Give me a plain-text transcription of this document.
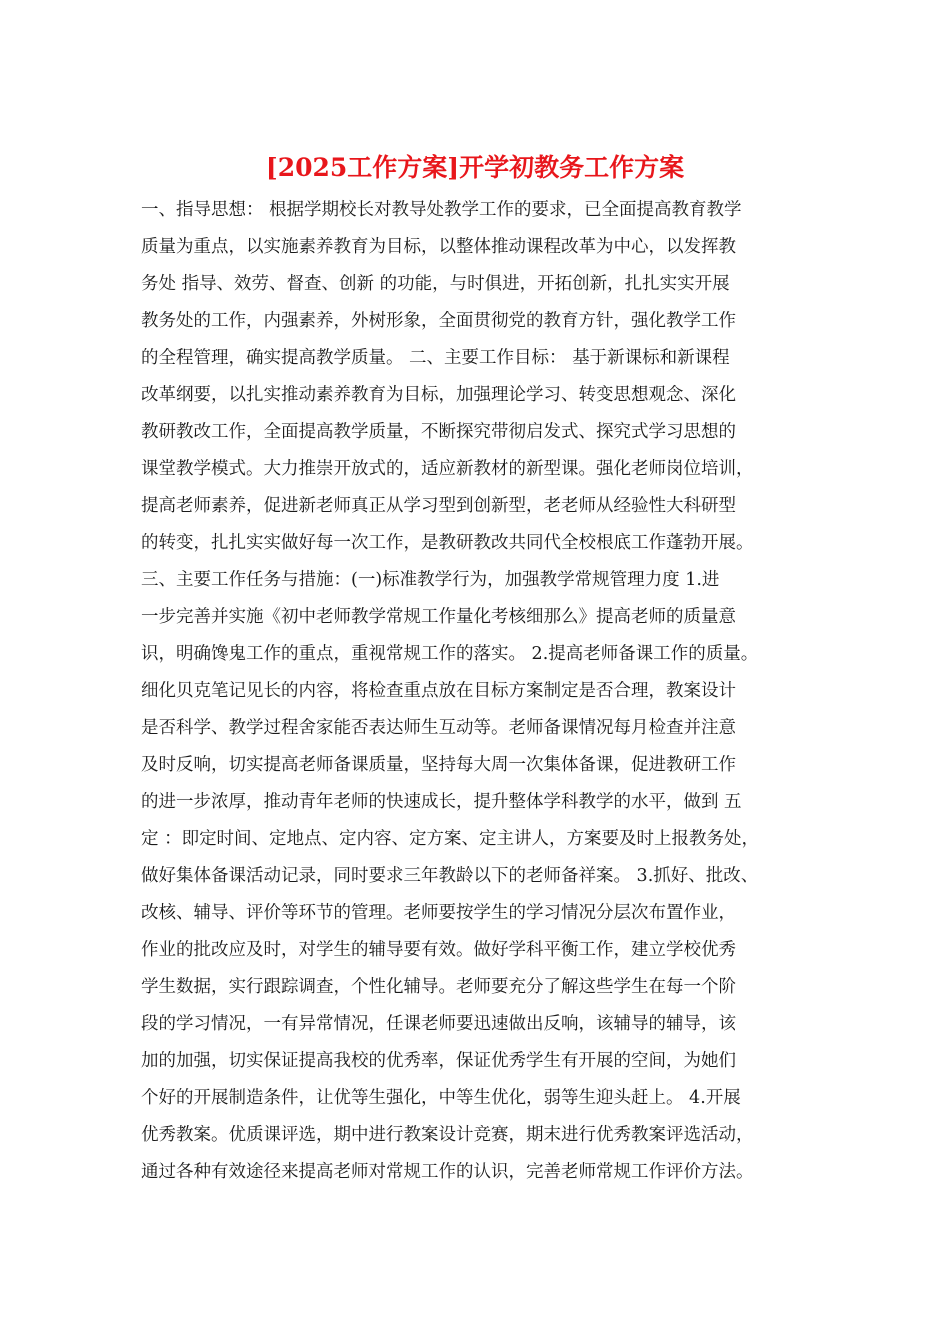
[2025工作方案]开学初教务工作方案
一、指导思想： 根据学期校长对教导处教学工作的要求，已全面提高教育教学
质量为重点，以实施素养教育为目标，以整体推动课程改革为中心，以发挥教
务处 指导、效劳、督查、创新 的功能，与时俱进，开拓创新，扎扎实实开展
教务处的工作，内强素养，外树形象，全面贯彻党的教育方针，强化教学工作
的全程管理，确实提高教学质量。 二、主要工作目标： 基于新课标和新课程
改革纲要，以扎实推动素养教育为目标，加强理论学习、转变思想观念、深化
教研教改工作，全面提高教学质量，不断探究带彻启发式、探究式学习思想的
课堂教学模式。大力推崇开放式的，适应新教材的新型课。强化老师岗位培训，
提高老师素养，促进新老师真正从学习型到创新型，老老师从经验性大科研型
的转变，扎扎实实做好每一次工作，是教研教改共同代全校根底工作蓬勃开展。
三、主要工作任务与措施：(一)标准教学行为，加强教学常规管理力度 1.进
一步完善并实施《初中老师教学常规工作量化考核细那么》提高老师的质量意
识，明确馋鬼工作的重点，重视常规工作的落实。 2.提高老师备课工作的质量。
细化贝克笔记见长的内容，将检查重点放在目标方案制定是否合理，教案设计
是否科学、教学过程舍家能否表达师生互动等。老师备课情况每月检查并注意
及时反响，切实提高老师备课质量，坚持每大周一次集体备课，促进教研工作
的进一步浓厚，推动青年老师的快速成长，提升整体学科教学的水平，做到 五
定 ：即定时间、定地点、定内容、定方案、定主讲人，方案要及时上报教务处，
做好集体备课活动记录，同时要求三年教龄以下的老师备祥案。 3.抓好、批改、
改核、辅导、评价等环节的管理。老师要按学生的学习情况分层次布置作业，
作业的批改应及时，对学生的辅导要有效。做好学科平衡工作，建立学校优秀
学生数据，实行跟踪调查，个性化辅导。老师要充分了解这些学生在每一个阶
段的学习情况，一有异常情况，任课老师要迅速做出反响，该辅导的辅导，该
加的加强，切实保证提高我校的优秀率，保证优秀学生有开展的空间，为她们
个好的开展制造条件，让优等生强化，中等生优化，弱等生迎头赶上。 4.开展
优秀教案。优质课评选，期中进行教案设计竞赛，期末进行优秀教案评选活动，
通过各种有效途径来提高老师对常规工作的认识，完善老师常规工作评价方法。
